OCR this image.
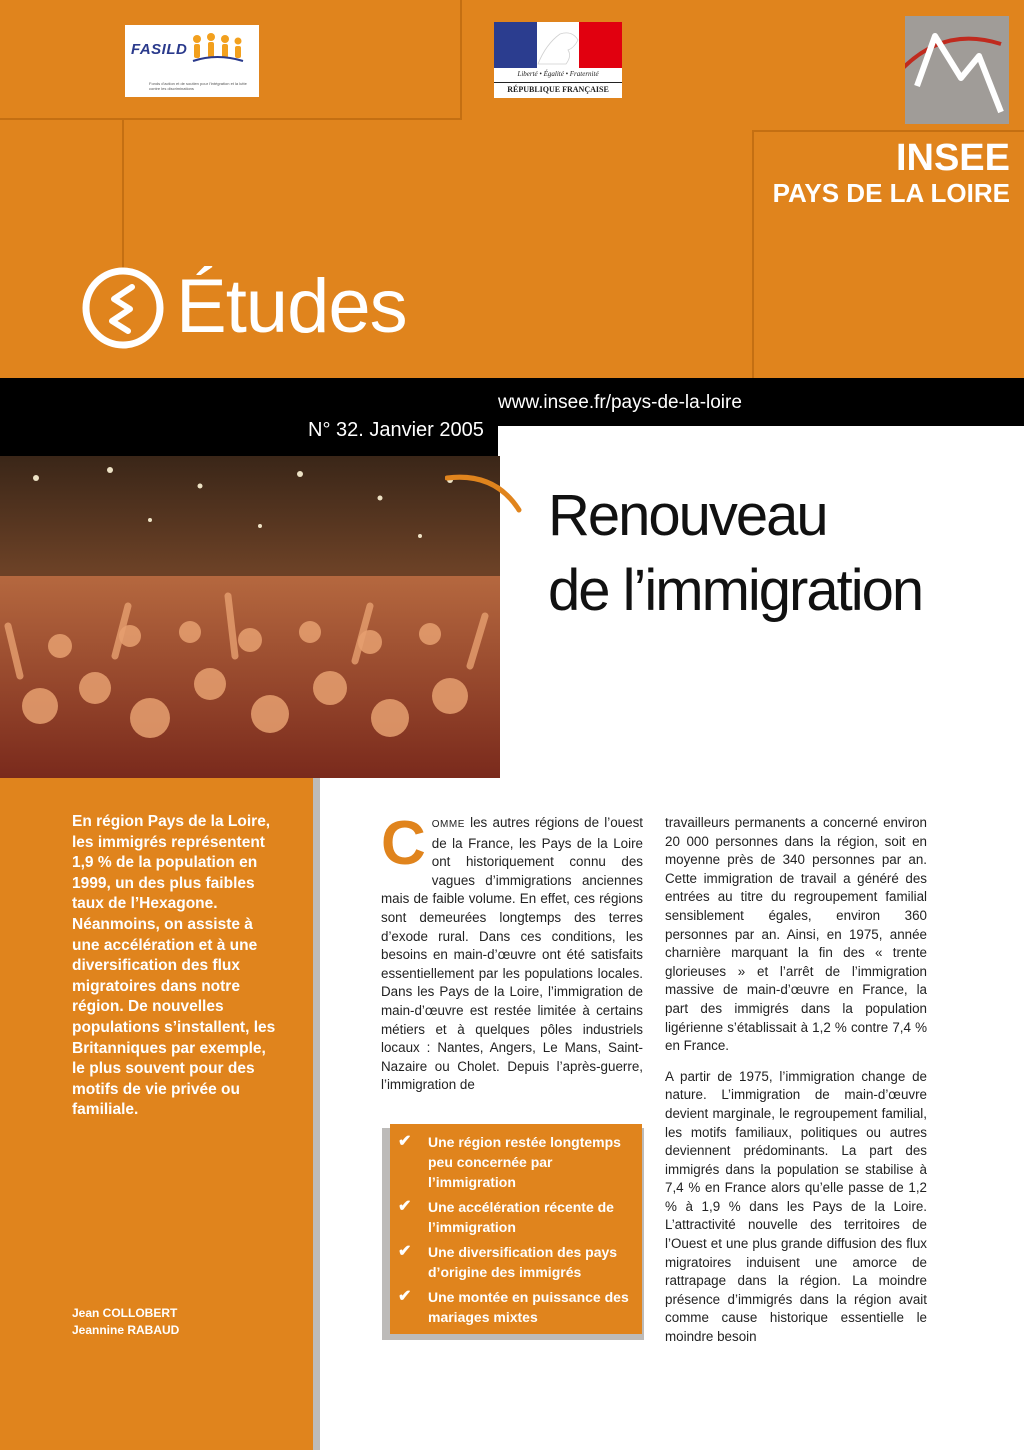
FASILD
Fonds d'action et de soutien pour l'intégration et la lutte contre les discriminations
Liberté • Égalité • Fraternité
RÉPUBLIQUE FRANÇAISE
INSEE
PAYS DE LA LOIRE
Études
www.insee.fr/pays-de-la-loire
N° 32. Janvier 2005
Renouveau
de l’immigration
En région Pays de la Loire, les immigrés représentent 1,9 % de la population en 1999, un des plus faibles taux de l’Hexagone. Néanmoins, on assiste à une accélération et à une diversification des flux migratoires dans notre région. De nouvelles populations s’installent, les Britanniques par exemple, le plus souvent pour des motifs de vie privée ou familiale.
Jean COLLOBERT
Jeannine RABAUD
COMME les autres régions de l’ouest de la France, les Pays de la Loire ont historiquement connu des vagues d’immigrations anciennes mais de faible volume. En effet, ces régions sont demeurées longtemps des terres d’exode rural. Dans ces conditions, les besoins en main-d’œuvre ont été satisfaits essentiellement par les populations locales. Dans les Pays de la Loire, l’immigration de main-d’œuvre est restée limitée à certains métiers et à quelques pôles industriels locaux : Nantes, Angers, Le Mans, Saint-Nazaire ou Cholet. Depuis l’après-guerre, l’immigration de

travailleurs permanents a concerné environ 20 000 personnes dans la région, soit en moyenne près de 340 personnes par an. Cette immigration de travail a généré des entrées au titre du regroupement familial sensiblement égales, environ 360 personnes par an. Ainsi, en 1975, année charnière marquant la fin des « trente glorieuses » et l’arrêt de l’immigration massive de main-d’œuvre en France, la part des immigrés dans la population ligérienne s’établissait à 1,2 % contre 7,4 % en France.

A partir de 1975, l’immigration change de nature. L’immigration de main-d’œuvre devient marginale, le regroupement familial, les motifs familiaux, politiques ou autres deviennent prédominants. La part des immigrés dans la population se stabilise à 7,4 % en France alors qu’elle passe de 1,2 % à 1,9 % dans les Pays de la Loire. L’attractivité nouvelle des territoires de l’Ouest et une plus grande diffusion des flux migratoires induisent une amorce de rattrapage dans la région. La moindre présence d’immigrés dans la région avait comme cause historique essentielle le moindre besoin

✔	Une région restée longtemps peu concernée par l’immigration
✔	Une accélération récente de l’immigration
✔	Une diversification des pays d’origine des immigrés
✔	Une montée en puissance des mariages mixtes
